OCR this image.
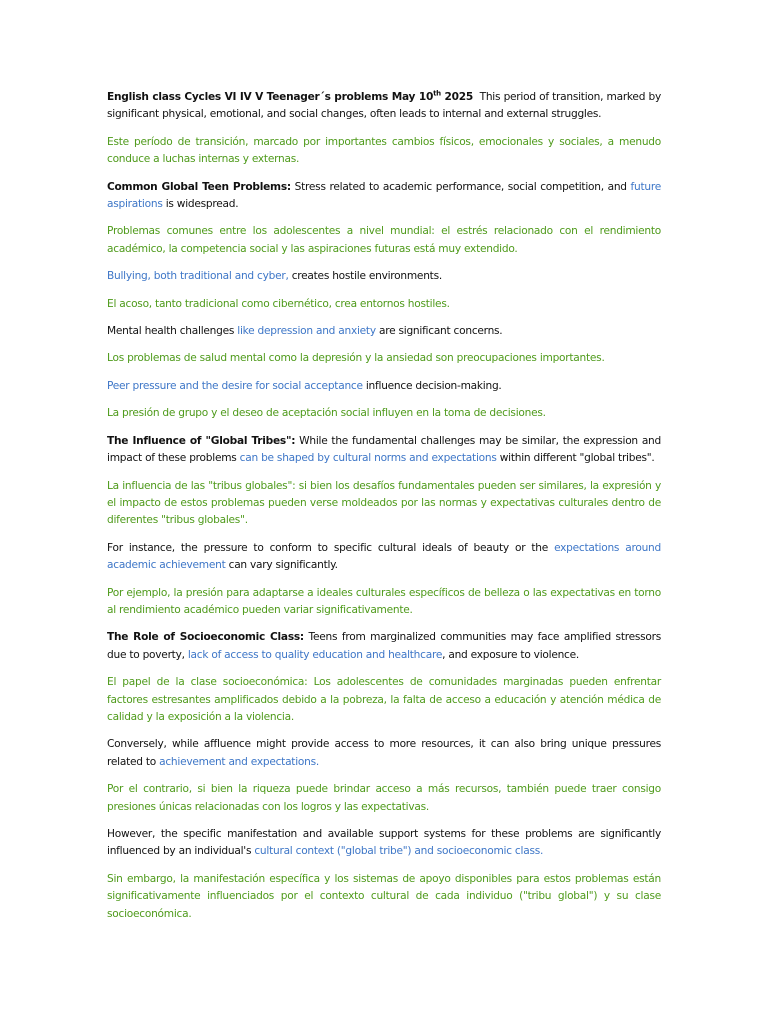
English class Cycles VI IV V Teenager´s problems May 10th 2025 This period of transition, marked by significant physical, emotional, and social changes, often leads to internal and external struggles.

Este período de transición, marcado por importantes cambios físicos, emocionales y sociales, a menudo conduce a luchas internas y externas.

Common Global Teen Problems: Stress related to academic performance, social competition, and future aspirations is widespread.

Problemas comunes entre los adolescentes a nivel mundial: el estrés relacionado con el rendimiento académico, la competencia social y las aspiraciones futuras está muy extendido.

Bullying, both traditional and cyber, creates hostile environments.

El acoso, tanto tradicional como cibernético, crea entornos hostiles.

Mental health challenges like depression and anxiety are significant concerns.

Los problemas de salud mental como la depresión y la ansiedad son preocupaciones importantes.

Peer pressure and the desire for social acceptance influence decision-making.

La presión de grupo y el deseo de aceptación social influyen en la toma de decisiones.

The Influence of "Global Tribes": While the fundamental challenges may be similar, the expression and impact of these problems can be shaped by cultural norms and expectations within different "global tribes".

La influencia de las "tribus globales": si bien los desafíos fundamentales pueden ser similares, la expresión y el impacto de estos problemas pueden verse moldeados por las normas y expectativas culturales dentro de diferentes "tribus globales".

For instance, the pressure to conform to specific cultural ideals of beauty or the expectations around academic achievement can vary significantly.

Por ejemplo, la presión para adaptarse a ideales culturales específicos de belleza o las expectativas en torno al rendimiento académico pueden variar significativamente.

The Role of Socioeconomic Class: Teens from marginalized communities may face amplified stressors due to poverty, lack of access to quality education and healthcare, and exposure to violence.

El papel de la clase socioeconómica: Los adolescentes de comunidades marginadas pueden enfrentar factores estresantes amplificados debido a la pobreza, la falta de acceso a educación y atención médica de calidad y la exposición a la violencia.

Conversely, while affluence might provide access to more resources, it can also bring unique pressures related to achievement and expectations.

Por el contrario, si bien la riqueza puede brindar acceso a más recursos, también puede traer consigo presiones únicas relacionadas con los logros y las expectativas.

However, the specific manifestation and available support systems for these problems are significantly influenced by an individual's cultural context ("global tribe") and socioeconomic class.

Sin embargo, la manifestación específica y los sistemas de apoyo disponibles para estos problemas están significativamente influenciados por el contexto cultural de cada individuo ("tribu global") y su clase socioeconómica.
